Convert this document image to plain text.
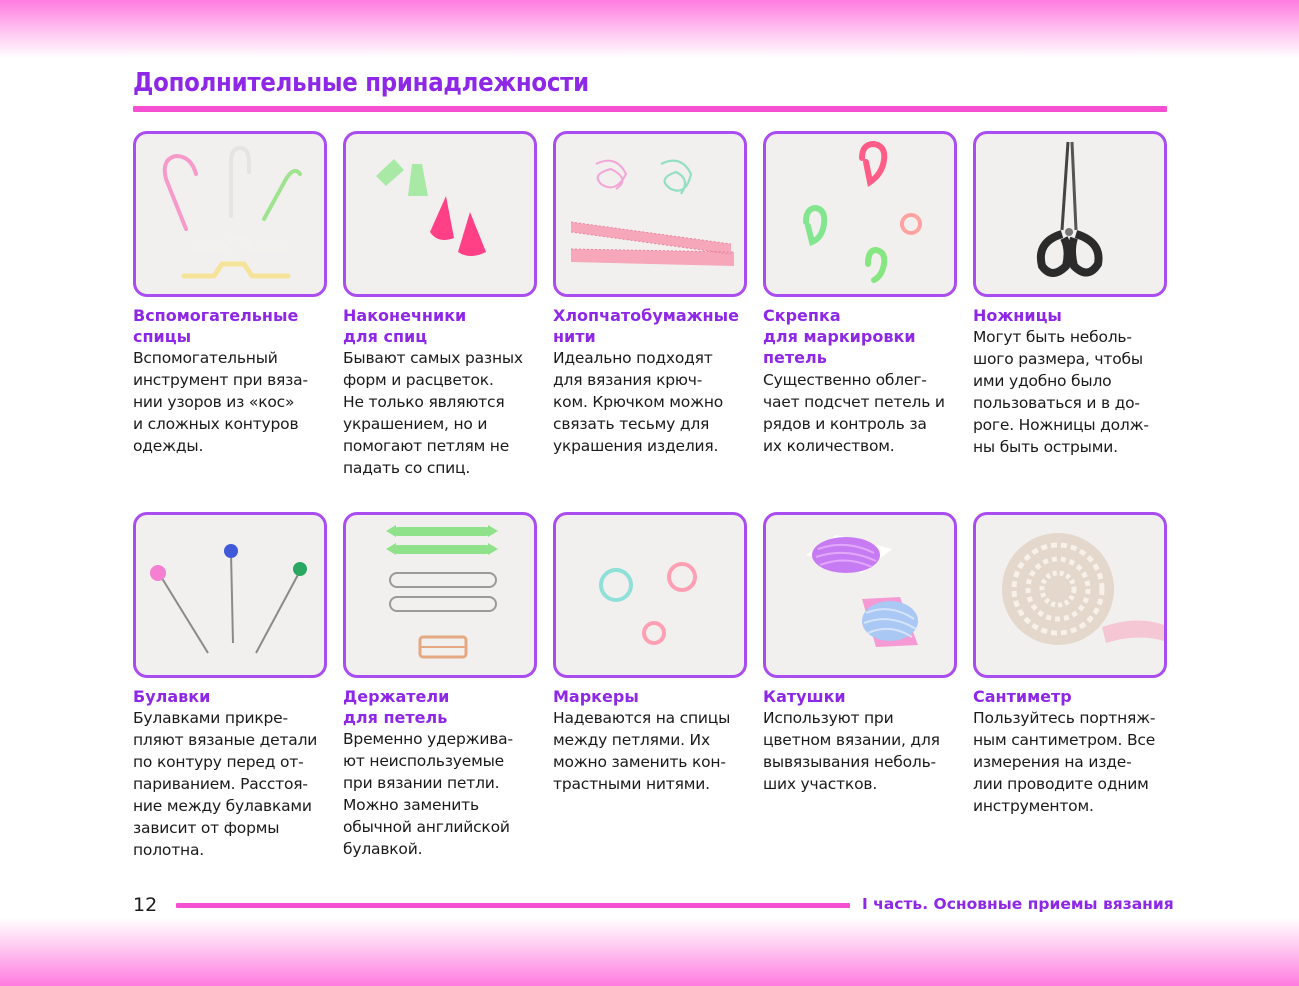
Дополнительные принадлежности

Вспомогательные
спицы

Вспомогательный
инструмент при вяза-
нии узоров из «кос»
и сложных контуров
одежды.

Наконечники
для спиц

Бывают самых разных
форм и расцветок.
Не только являются
украшением, но и
помогают петлям не
падать со спиц.

Хлопчатобумажные
нити

Идеально подходят
для вязания крюч-
ком. Крючком можно
связать тесьму для
украшения изделия.

Скрепка
для маркировки
петель

Существенно облег-
чает подсчет петель и
рядов и контроль за
их количеством.

Ножницы

Могут быть неболь-
шого размера, чтобы
ими удобно было
пользоваться и в до-
роге. Ножницы долж-
ны быть острыми.

Булавки

Булавками прикре-
пляют вязаные детали
по контуру перед от-
париванием. Расстоя-
ние между булавками
зависит от формы
полотна.

Держатели
для петель

Временно удержива-
ют неиспользуемые
при вязании петли.
Можно заменить
обычной английской
булавкой.

Маркеры

Надеваются на спицы
между петлями. Их
можно заменить кон-
трастными нитями.

Катушки

Используют при
цветном вязании, для
вывязывания неболь-
ших участков.

Сантиметр

Пользуйтесь портняж-
ным сантиметром. Все
измерения на изде-
лии проводите одним
инструментом.

12	I часть. Основные приемы вязания
